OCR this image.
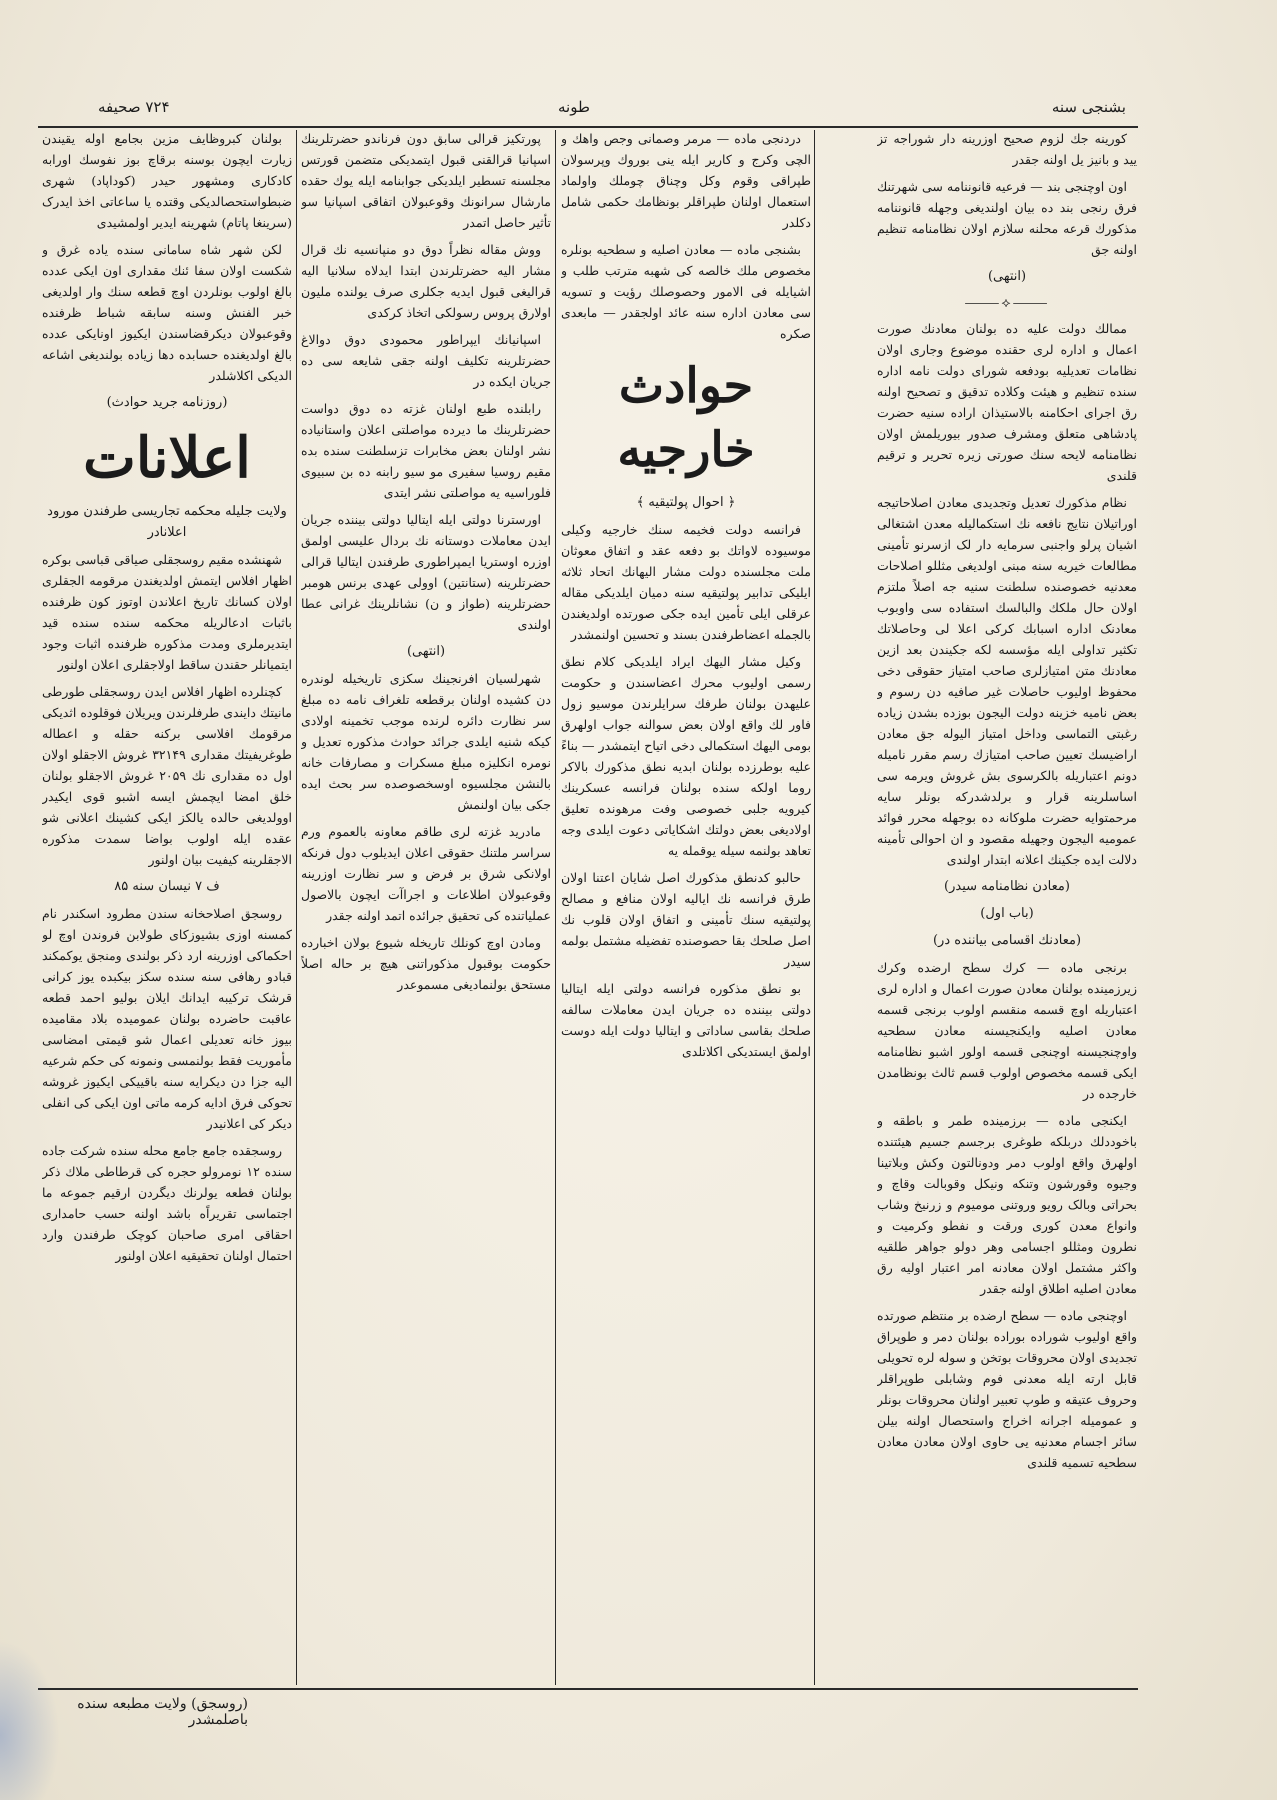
بشنجی سنه
طونه
۷۲۴ صحیفه

کورینه جك لزوم صحیح اوزرینه دار شوراجه تز یید و بانیز یل اولنه جقدر

اون اوچنجی بند — فرعیه قانوننامه سی شهرتنك فرق رنجی بند ده بیان اولندیغی وجهله قانوننامه مذکورك قرعه محلنه سلازم اولان نظامنامه تنظیم اولنه جق

(انتهی)
⸻⟡⸻

ممالك دولت علیه ده بولنان معادنك صورت اعمال و اداره لری حقنده موضوع وجاری اولان نظامات تعدیلیه بودفعه شورای دولت نامه اداره سنده تنظیم و هیئت وکلاده تدقیق و تصحیح اولنه رق اجرای احکامنه بالاستیذان اراده سنیه حضرت پادشاهی متعلق ومشرف صدور بیوریلمش اولان نظامنامه لایحه سنك صورتی زیره تحریر و ترقیم قلندی

نظام مذکورك تعدیل وتجدیدی معادن اصلاحاتیجه اوراتیلان نتایج نافعه نك استکمالیله معدن اشتغالی اشیان پرلو واجنبی سرمایه دار لک ازسرنو تأمینی مطالعات خیریه سنه مبنی اولدیغی مثللو اصلاحات معدنیه خصوصنده سلطنت سنیه جه اصلاً ملتزم اولان حال ملکك والبالسك استفاده سی واوبوب معادنک اداره اسبابك کرکی اعلا لی وحاصلاتك تکثیر تداولی ایله مؤسسه لکه جکیندن بعد ازین معادنك متن امتیازلری صاحب امتیاز حقوقی دخی محفوظ اولیوب حاصلات غیر صافیه دن رسوم و بعض نامیه خزینه دولت الیجون بوزده بشدن زیاده رغبتی التماسی وداخل امتیاز الیوله جق معادن اراضیسك تعیین صاحب امتیازك رسم مقرر نامیله دونم اعتباریله بالکرسوی بش غروش ویرمه سی اساسلرینه قرار و برلدشدرکه بونلر سایه مرحمتوایه حضرت ملوکانه ده بوجهله محرر فوائد عمومیه الیجون وجهیله مقصود و ان احوالی تأمینه دلالت ایده جکینك اعلانه ابتدار اولندی

(معادن نظامنامه سیدر)
(باب اول)
(معادنك اقسامی بیاننده در)

برنجی ماده — کرك سطح ارضده وکرك زیرزمینده بولنان معادن صورت اعمال و اداره لری اعتباریله اوچ قسمه منقسم اولوب برنجی قسمه معادن اصلیه وایکنجیسنه معادن سطحیه واوچنجیسنه اوچنجی قسمه اولور اشبو نظامنامه ایکی قسمه مخصوص اولوب قسم ثالث بونظامدن خارجده در

ایکنجی ماده — برزمینده طمر و باطقه و باخوددلك دربلکه طوغری برجسم جسیم هیئتنده اولهرق واقع اولوب دمر ودونالتون وکش وبلاتینا وجیوه وقورشون وتنکه ونیکل وقوبالت وقاچ و بحراتی وبالک رویو وروتنی مومیوم و زرنیخ وشاب وانواع معدن کوری ورقت و نفطو وکرمیت و نطرون ومثللو اجسامی وهر دولو جواهر طلقیه واکثر مشتمل اولان معادنه امر اعتبار اولیه رق معادن اصلیه اطلاق اولنه جقدر

اوچنجی ماده — سطح ارضده بر منتظم صورتده واقع اولیوب شوراده بوراده بولنان دمر و طوپراق تجدیدی اولان محروقات بوتخن و سوله لره تحویلی قابل ارته ایله معدنی فوم وشابلی طوپراقلر وحروف عتیقه و طوپ تعبیر اولنان محروقات بونلر و عمومیله اجرانه اخراج واستحصال اولنه بیلن سائر اجسام معدنیه یی حاوی اولان معادن معادن سطحیه تسمیه قلندی

دردنجی ماده — مرمر وصمانی وجص واهك و الچی وکرج و کاریر ایله ینی بوروك وپرسولان طپراقی وقوم وکل وچناق چوملك واولماد استعمال اولنان طپراقلر بونظامك حکمی شامل دکلدر

بشنجی ماده — معادن اصلیه و سطحیه بونلره مخصوص ملك خالصه كی شهبه مترتب طلب و اشیایله فی الامور وحصوصلك رؤیت و تسویه سی معادن اداره سنه عائد اولجقدر — مابعدی صکره

حوادث خارجیه
﴿ احوال پولتیقیه ﴾

فرانسه دولت فخیمه سنك خارجیه وكيلی موسیوده لاواتك بو دفعه عقد و اتفاق معوثان ملت مجلسنده دولت مشار الیهانك اتحاد ثلاثه ايلیکی تدابیر پولتیقیه سنه دمیان ایلدیکی مقاله عرقلی ایلی تأمین ایده جکی صورتده اولدیغندن بالجمله اعضاطرفندن بسند و تحسین اولنمشدر

وکیل مشار الیهك ایراد ایلدیکی کلام نطق رسمی اولیوب محرك اعضاسندن و حکومت علیهدن بولنان طرفك سرایلرندن موسیو زول فاور لك واقع اولان بعض سوالنه جواب اولهرق بومی الیهك استکمالی دخی اتیاح ایتمشدر — بناءً علیه بوطرزده بولنان ابدیه نطق مذکورك بالاكر روما اولكه سنده بولنان فرانسه عسكرینك كیرویه جلبی خصوصی وفت مرهونده تعلیق اولادیغی بعض دولتك اشكاياتی دعوت ایلدی وجه تعاهد بولنمه سیله یوقمله یه

حالبو کدنطق مذکورك اصل شایان اعتنا اولان طرق فرانسه نك ایالیه اولان منافع و مصالح پولتیقیه سنك تأمینی و اتفاق اولان قلوب نك اصل صلحك بقا حصوصنده تفضیله مشتمل بولمه سیدر

بو نطق مذکوره فرانسه دولتی ایله ایتالیا دولتی بیننده ده جریان ایدن معاملات سالفه صلحك بقاسی ساداتی و ایتالیا دولت ایله دوست اولمق ایستدیکی اکلاتلدی

پورتکیز قرالی سابق دون فرناندو حضرتلرینك اسپانیا قرالقنی قبول ایتمدیکی متضمن قورتس مجلسنه تسطیر ایلدیکی جوابنامه ایله یوك حقده مارشال سرانونك وقوعبولان اتفاقی اسپانیا سو تأثیر حاصل اتمدر

ووش مقاله نظراً دوق دو منپانسیه نك قرال مشار الیه حضرتلرندن ابتدا ایدلاه سلانیا الیه قرالیغی قبول ایدیه جکلری صرف یولنده ملیون اولارق پروس رسولکی اتخاذ کرکدی

اسپانیانك ایپراطور محمودی دوق دوالاغ حضرتلرینه تکلیف اولنه جقی شایعه سی ده جریان ایکده در

رابلنده طبع اولنان غزته ده دوق دواست حضرتلرینك ما دیرده مواصلتی اعلان واستانیاده نشر اولنان بعض مخابرات تزسلطنت سنده بده مقیم روسیا سفیری مو سیو رابنه ده بن سبیوی فلوراسیه یه مواصلتی نشر ایتدی

اورسترنا دولتی ایله ایتالیا دولتی بیننده جریان ایدن معاملات دوستانه نك بردال علیسی اولمق اوزره اوستریا ایمپراطوری طرفندن ایتالیا قرالی حضرتلرینه (ستانتین) اوولی عهدی برنس هومبر حضرتلرینه (طواز و ن) نشانلرینك غرانی عطا اولندی

(انتهی)

شهرلسیان افرنجینك سکزی تاریخیله لوندره دن کشیده اولنان برقطعه تلغراف نامه ده مبلغ سر نظارت دائره لرنده موجب تخمینه اولادی کیکه شنیه ایلدی جرائد حوادث مذکوره تعدیل و نومره انكلیزه مبلغ مسکرات و مصارفات خانه بالنشن مجلسیوه اوسخصوصده سر بحث ایده جکی بیان اولنمش

مادرید غزته لری طاقم معاونه بالعموم ورم سراسر ملتنك حقوقی اعلان ایدیلوب دول فرنكه اولانکی شرق بر فرض و سر نظارت اوزرینه وقوعبولان اطلاعات و اجراآت ایچون بالاصول عملیاتنده کی تحقیق جرائده اتمد اولنه جقدر

ومادن اوچ كونلك تاریخله شیوع بولان اخبارده حکومت بوقبول مذکوراتنی هیچ بر حاله اصلاً مستحق بولنمادیغی مسموعدر

بولنان کبروظایف مزین بجامع اوله یقیندن زیارت ایچون بوسنه برقاچ بوز نفوسك اورابه کادکاری ومشهور حیدر (کوداپاد) شهری ضبطواستحصالدیکی وقتده یا ساعاتی اخذ ایدرک (سرینغا پاتام) شهرینه ایدیر اولمشیدی

لکن شهر شاه سامانی سنده یاده غرق و شکست اولان سفا ئنك مقداری اون ایکی عدده بالغ اولوب بونلردن اوچ قطعه سنك وار اولدیغی خبر الفنش وسنه سابقه شباط ظرفنده وقوعبولان دیکرقضاسندن ایکیوز اونایکی عدده بالغ اولدیغنده حسابده دها زیاده بولندیغی اشاعه الدیکی اکلاشلدر

(روزنامه جرید حوادث)
اعلانات
ولایت جلیله محکمه تجاریسی طرفندن مورود اعلانادر

شهنشده مقیم روسجقلی صیاقی قباسی بوکره اظهار افلاس ایتمش اولدیغندن مرقومه الجقلری اولان کسانك تاریخ اعلاندن اوتوز کون ظرفنده باثبات ادعالریله محکمه سنده سنده قید ایتدیرملری ومدت مذکوره ظرفنده اثبات وجود ایتمیانلر حقندن ساقط اولاجقلری اعلان اولنور

کچنلرده اظهار افلاس ایدن روسجقلی طورطی مانیتك دایندی طرفلرندن ویریلان فوقلوده اثدیکی مرقومك افلاسی برکنه حقله و اعطاله طوغریفیتك مقداری ۳۲۱۴۹ غروش الاجقلو اولان اول ده مقداری نك ۲۰۵۹ غروش الاجقلو بولنان خلق امضا ایچمش ایسه اشبو قوی ایکیدر اوولدیغی حالده یالکز ایکی کشینك اعلانی شو عقده ایله اولوب بواضا سمدت مذکوره الاجقلرینه کیفیت بیان اولنور

ف ۷ نیسان سنه ۸۵

روسجق اصلاحخانه سندن مطرود اسکندر نام کمسنه اوزی بشیوزکای طولابن فروندن اوچ لو احكماكی اوزرینه ارد ذکر بولندی ومنجق یوکمکند قبادو رهافی سنه سنده سکز بیکبده یوز کرانی قرشک ترکیبه ایدانك ایلان بولیو احمد قطعه عاقبت حاضرده بولنان عمومیده بلاد مقامیده بیوز خانه تعدیلی اعمال شو قیمتی امضاسی مأموریت فقط بولنمسی ونمونه کی حكم شرعیه الیه جزا دن دیکرایه سنه باقییکی ایکیوز غروشه تحوکی فرق ادایه کرمه ماتی اون ایکی کی انفلی دیکر کی اعلانیدر

روسجقده جامع جامع محله سنده شرکت جاده سنده ۱۲ نومرولو حجره کی قرطاطی ملاك ذکر بولنان فطعه یولرنك دیگردن ارقیم جموعه ما اجتماسی تقریراًه باشد اولنه حسب حامداری احقاقی امری صاحبان کوچک طرفندن وارد احتمال اولنان تحقیقیه اعلان اولنور

(روسجق) ولایت مطبعه سنده باصلمشدر
